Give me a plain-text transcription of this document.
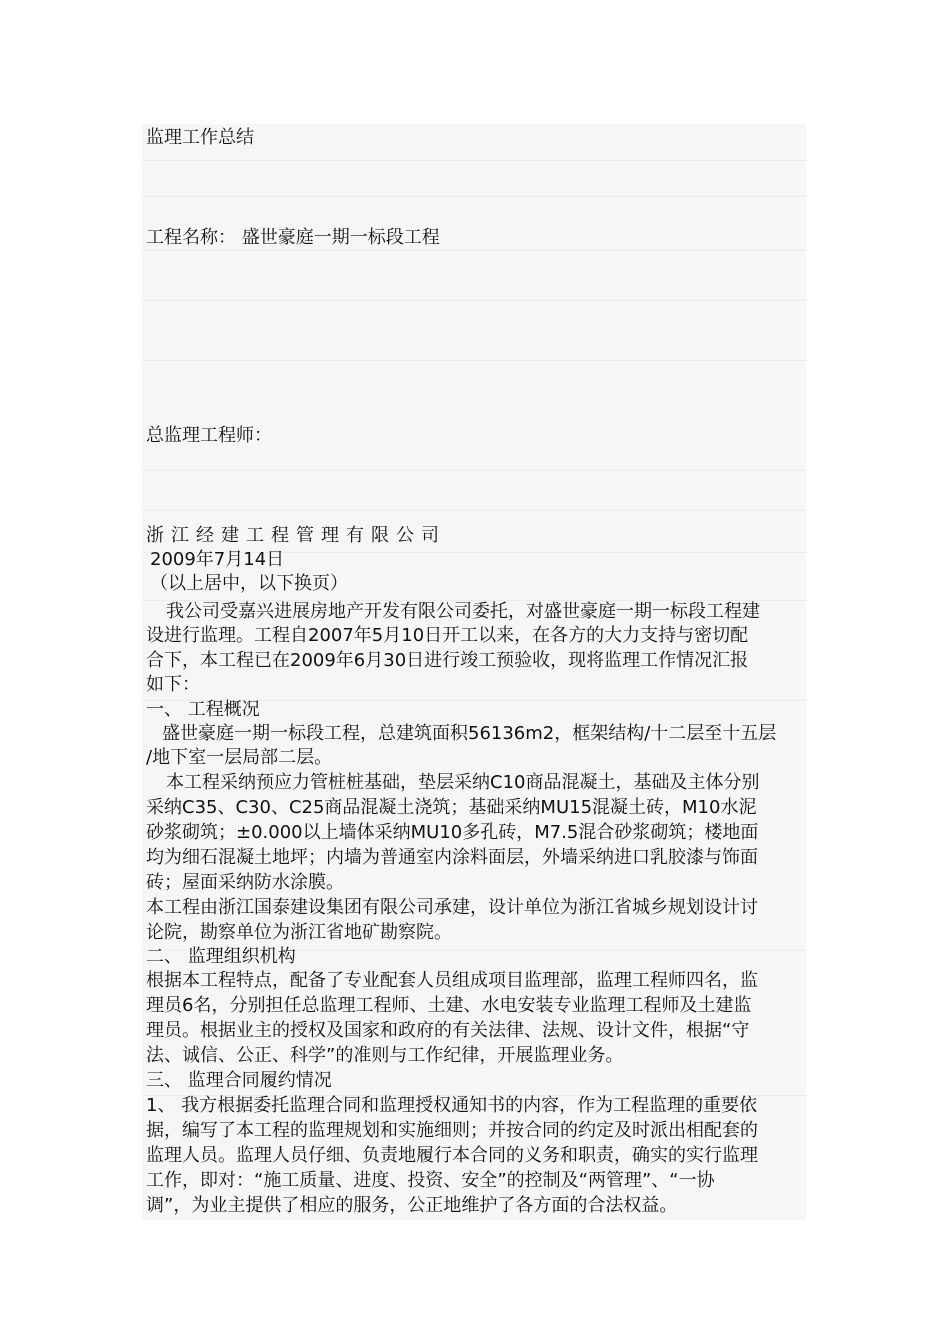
监理工作总结
工程名称： 盛世豪庭一期一标段工程
总监理工程师：
浙江经建工程管理有限公司
2009年7月14日
（以上居中，以下换页）
我公司受嘉兴进展房地产开发有限公司委托，对盛世豪庭一期一标段工程建
设进行监理。工程自2007年5月10日开工以来，在各方的大力支持与密切配
合下，本工程已在2009年6月30日进行竣工预验收，现将监理工作情况汇报
如下：
一、 工程概况
盛世豪庭一期一标段工程，总建筑面积56136m2，框架结构/十二层至十五层
/地下室一层局部二层。
本工程采纳预应力管桩桩基础，垫层采纳C10商品混凝土，基础及主体分别
采纳C35、C30、C25商品混凝土浇筑；基础采纳MU15混凝土砖，M10水泥
砂浆砌筑；±0.000以上墙体采纳MU10多孔砖，M7.5混合砂浆砌筑；楼地面
均为细石混凝土地坪；内墙为普通室内涂料面层，外墙采纳进口乳胶漆与饰面
砖；屋面采纳防水涂膜。
本工程由浙江国泰建设集团有限公司承建，设计单位为浙江省城乡规划设计讨
论院，勘察单位为浙江省地矿勘察院。
二、 监理组织机构
根据本工程特点，配备了专业配套人员组成项目监理部，监理工程师四名，监
理员6名，分别担任总监理工程师、土建、水电安装专业监理工程师及土建监
理员。根据业主的授权及国家和政府的有关法律、法规、设计文件，根据“守
法、诚信、公正、科学”的准则与工作纪律，开展监理业务。
三、 监理合同履约情况
1、 我方根据委托监理合同和监理授权通知书的内容，作为工程监理的重要依
据，编写了本工程的监理规划和实施细则；并按合同的约定及时派出相配套的
监理人员。监理人员仔细、负责地履行本合同的义务和职责，确实的实行监理
工作，即对：“施工质量、进度、投资、安全”的控制及“两管理”、“一协
调”，为业主提供了相应的服务，公正地维护了各方面的合法权益。
